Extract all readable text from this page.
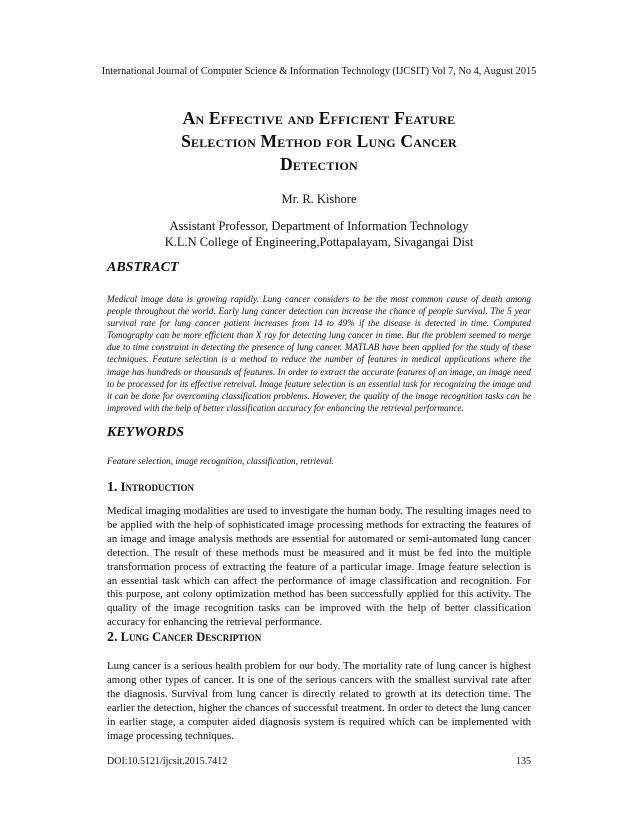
International Journal of Computer Science & Information Technology (IJCSIT) Vol 7, No 4, August 2015
An Effective and Efficient Feature
Selection Method for Lung Cancer
Detection
Mr. R. Kishore
Assistant Professor, Department of Information Technology
K.L.N College of Engineering,Pottapalayam, Sivagangai Dist
ABSTRACT
Medical image data is growing rapidly. Lung cancer considers to be the most common cause of death among people throughout the world. Early lung cancer detection can increase the chance of people survival. The 5 year survival rate for lung cancer patient increases from 14 to 49% if the disease is detected in time. Computed Tomography can be more efficient than X ray for detecting lung cancer in time. But the problem seemed to merge due to time constraint in detecting the presence of lung cancer. MATLAB have been applied for the study of these techniques. Feature selection is a method to reduce the number of features in medical applications where the image has hundreds or thousands of features. In order to extract the accurate features of an image, an image need to be processed for its effective retreival. Image feature selection is an essential task for recognizing the image and it can be done for overcoming classification problems. However, the quality of the image recognition tasks can be improved with the help of better classification accuracy for enhancing the retrieval performance.
KEYWORDS
Feature selection, image recognition, classification, retrieval.
1. Introduction
Medical imaging modalities are used to investigate the human body. The resulting images need to be applied with the help of sophisticated image processing methods for extracting the features of an image and image analysis methods are essential for automated or semi-automated lung cancer detection. The result of these methods must be measured and it must be fed into the multiple transformation process of extracting the feature of a particular image. Image feature selection is an essential task which can affect the performance of image classification and recognition. For this purpose, ant colony optimization method has been successfully applied for this activity. The quality of the image recognition tasks can be improved with the help of better classification accuracy for enhancing the retrieval performance.
2. Lung Cancer Description
Lung cancer is a serious health problem for our body. The mortality rate of lung cancer is highest among other types of cancer. It is one of the serious cancers with the smallest survival rate after the diagnosis. Survival from lung cancer is directly related to growth at its detection time. The earlier the detection, higher the chances of successful treatment. In order to detect the lung cancer in earlier stage, a computer aided diagnosis system is required which can be implemented with image processing techniques.
DOI:10.5121/ijcsit.2015.7412	135
